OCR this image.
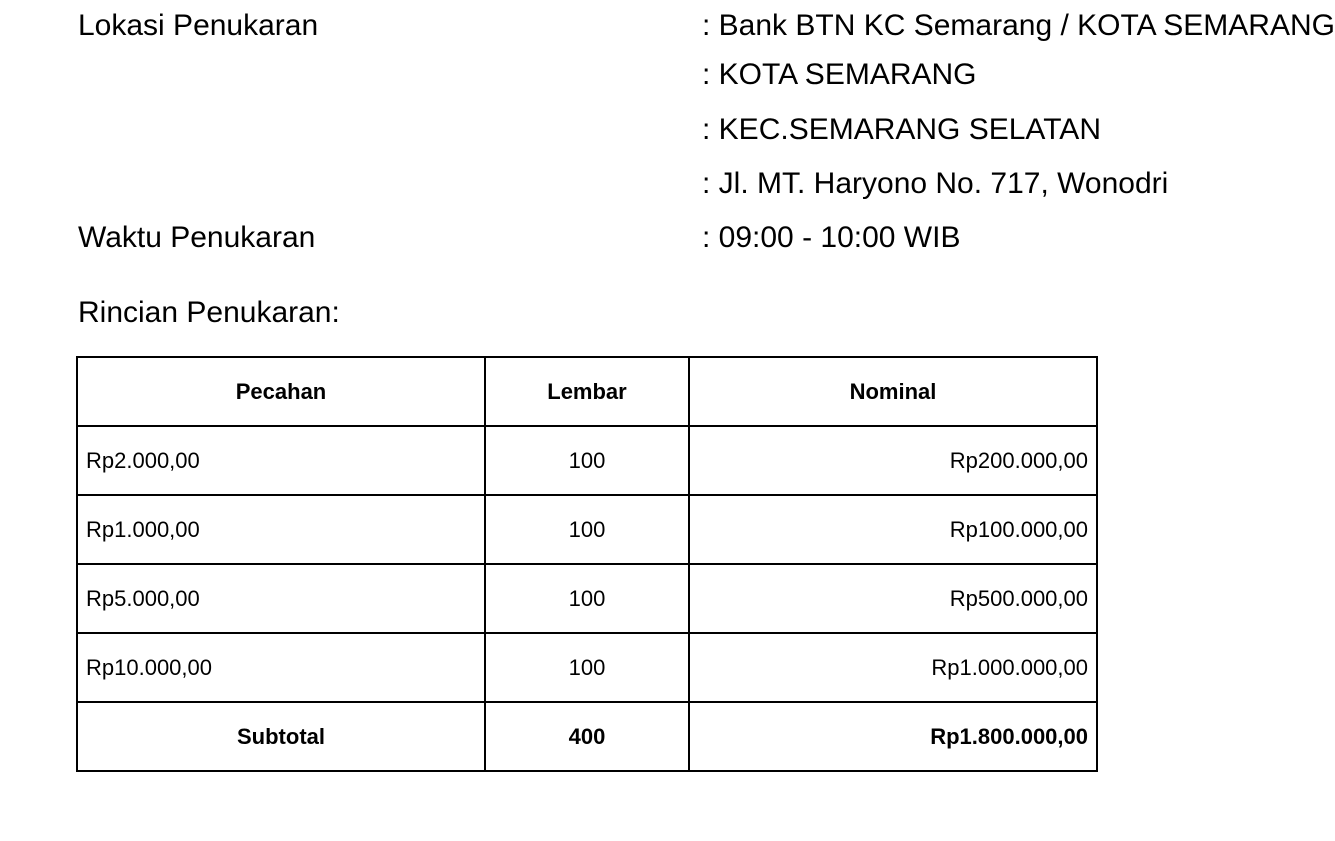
Lokasi Penukaran	: Bank BTN KC Semarang / KOTA SEMARANG
: KOTA SEMARANG
: KEC.SEMARANG SELATAN
: Jl. MT. Haryono No. 717, Wonodri
Waktu Penukaran	: 09:00 - 10:00 WIB
Rincian Penukaran:
Pecahan	Lembar	Nominal
Rp2.000,00	100	Rp200.000,00
Rp1.000,00	100	Rp100.000,00
Rp5.000,00	100	Rp500.000,00
Rp10.000,00	100	Rp1.000.000,00
Subtotal	400	Rp1.800.000,00
